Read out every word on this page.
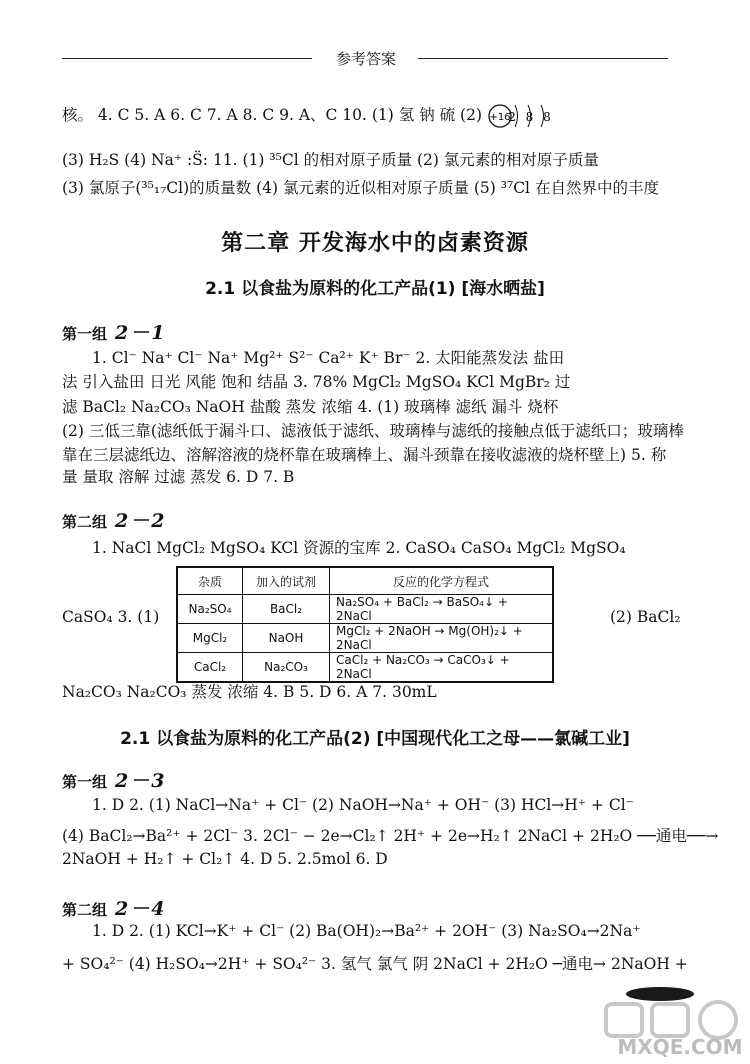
参考答案
核。 4. C 5. A 6. C 7. A 8. C 9. A、C 10. (1) 氢 钠 硫 (2) +16
2 8 8
(3) H₂S (4) Na⁺ :S̈: 11. (1) ³⁵Cl 的相对原子质量 (2) 氯元素的相对原子质量
(3) 氯原子(³⁵₁₇Cl)的质量数 (4) 氯元素的近似相对原子质量 (5) ³⁷Cl 在自然界中的丰度
第二章 开发海水中的卤素资源
2.1 以食盐为原料的化工产品(1) [海水晒盐]
第一组 2－1
1. Cl⁻ Na⁺ Cl⁻ Na⁺ Mg²⁺ S²⁻ Ca²⁺ K⁺ Br⁻ 2. 太阳能蒸发法 盐田
法 引入盐田 日光 风能 饱和 结晶 3. 78% MgCl₂ MgSO₄ KCl MgBr₂ 过
滤 BaCl₂ Na₂CO₃ NaOH 盐酸 蒸发 浓缩 4. (1) 玻璃棒 滤纸 漏斗 烧杯
(2) 三低三靠(滤纸低于漏斗口、滤液低于滤纸、玻璃棒与滤纸的接触点低于滤纸口；玻璃棒
靠在三层滤纸边、溶解溶液的烧杯靠在玻璃棒上、漏斗颈靠在接收滤液的烧杯壁上) 5. 称
量 量取 溶解 过滤 蒸发 6. D 7. B
第二组 2－2
1. NaCl MgCl₂ MgSO₄ KCl 资源的宝库 2. CaSO₄ CaSO₄ MgCl₂ MgSO₄
CaSO₄ 3. (1)
杂质	加入的试剂	反应的化学方程式
Na₂SO₄	BaCl₂	Na₂SO₄ + BaCl₂ → BaSO₄↓ + 2NaCl
MgCl₂	NaOH	MgCl₂ + 2NaOH → Mg(OH)₂↓ + 2NaCl
CaCl₂	Na₂CO₃	CaCl₂ + Na₂CO₃ → CaCO₃↓ + 2NaCl
(2) BaCl₂
Na₂CO₃ Na₂CO₃ 蒸发 浓缩 4. B 5. D 6. A 7. 30mL
2.1 以食盐为原料的化工产品(2) [中国现代化工之母——氯碱工业]
第一组 2－3
1. D 2. (1) NaCl→Na⁺ + Cl⁻ (2) NaOH→Na⁺ + OH⁻ (3) HCl→H⁺ + Cl⁻
(4) BaCl₂→Ba²⁺ + 2Cl⁻ 3. 2Cl⁻ − 2e→Cl₂↑ 2H⁺ + 2e→H₂↑ 2NaCl + 2H₂O ──通电──→
2NaOH + H₂↑ + Cl₂↑ 4. D 5. 2.5mol 6. D
第二组 2－4
1. D 2. (1) KCl→K⁺ + Cl⁻ (2) Ba(OH)₂→Ba²⁺ + 2OH⁻ (3) Na₂SO₄→2Na⁺
+ SO₄²⁻ (4) H₂SO₄→2H⁺ + SO₄²⁻ 3. 氢气 氯气 阴 2NaCl + 2H₂O ─通电→ 2NaOH +
MXQE.COM
